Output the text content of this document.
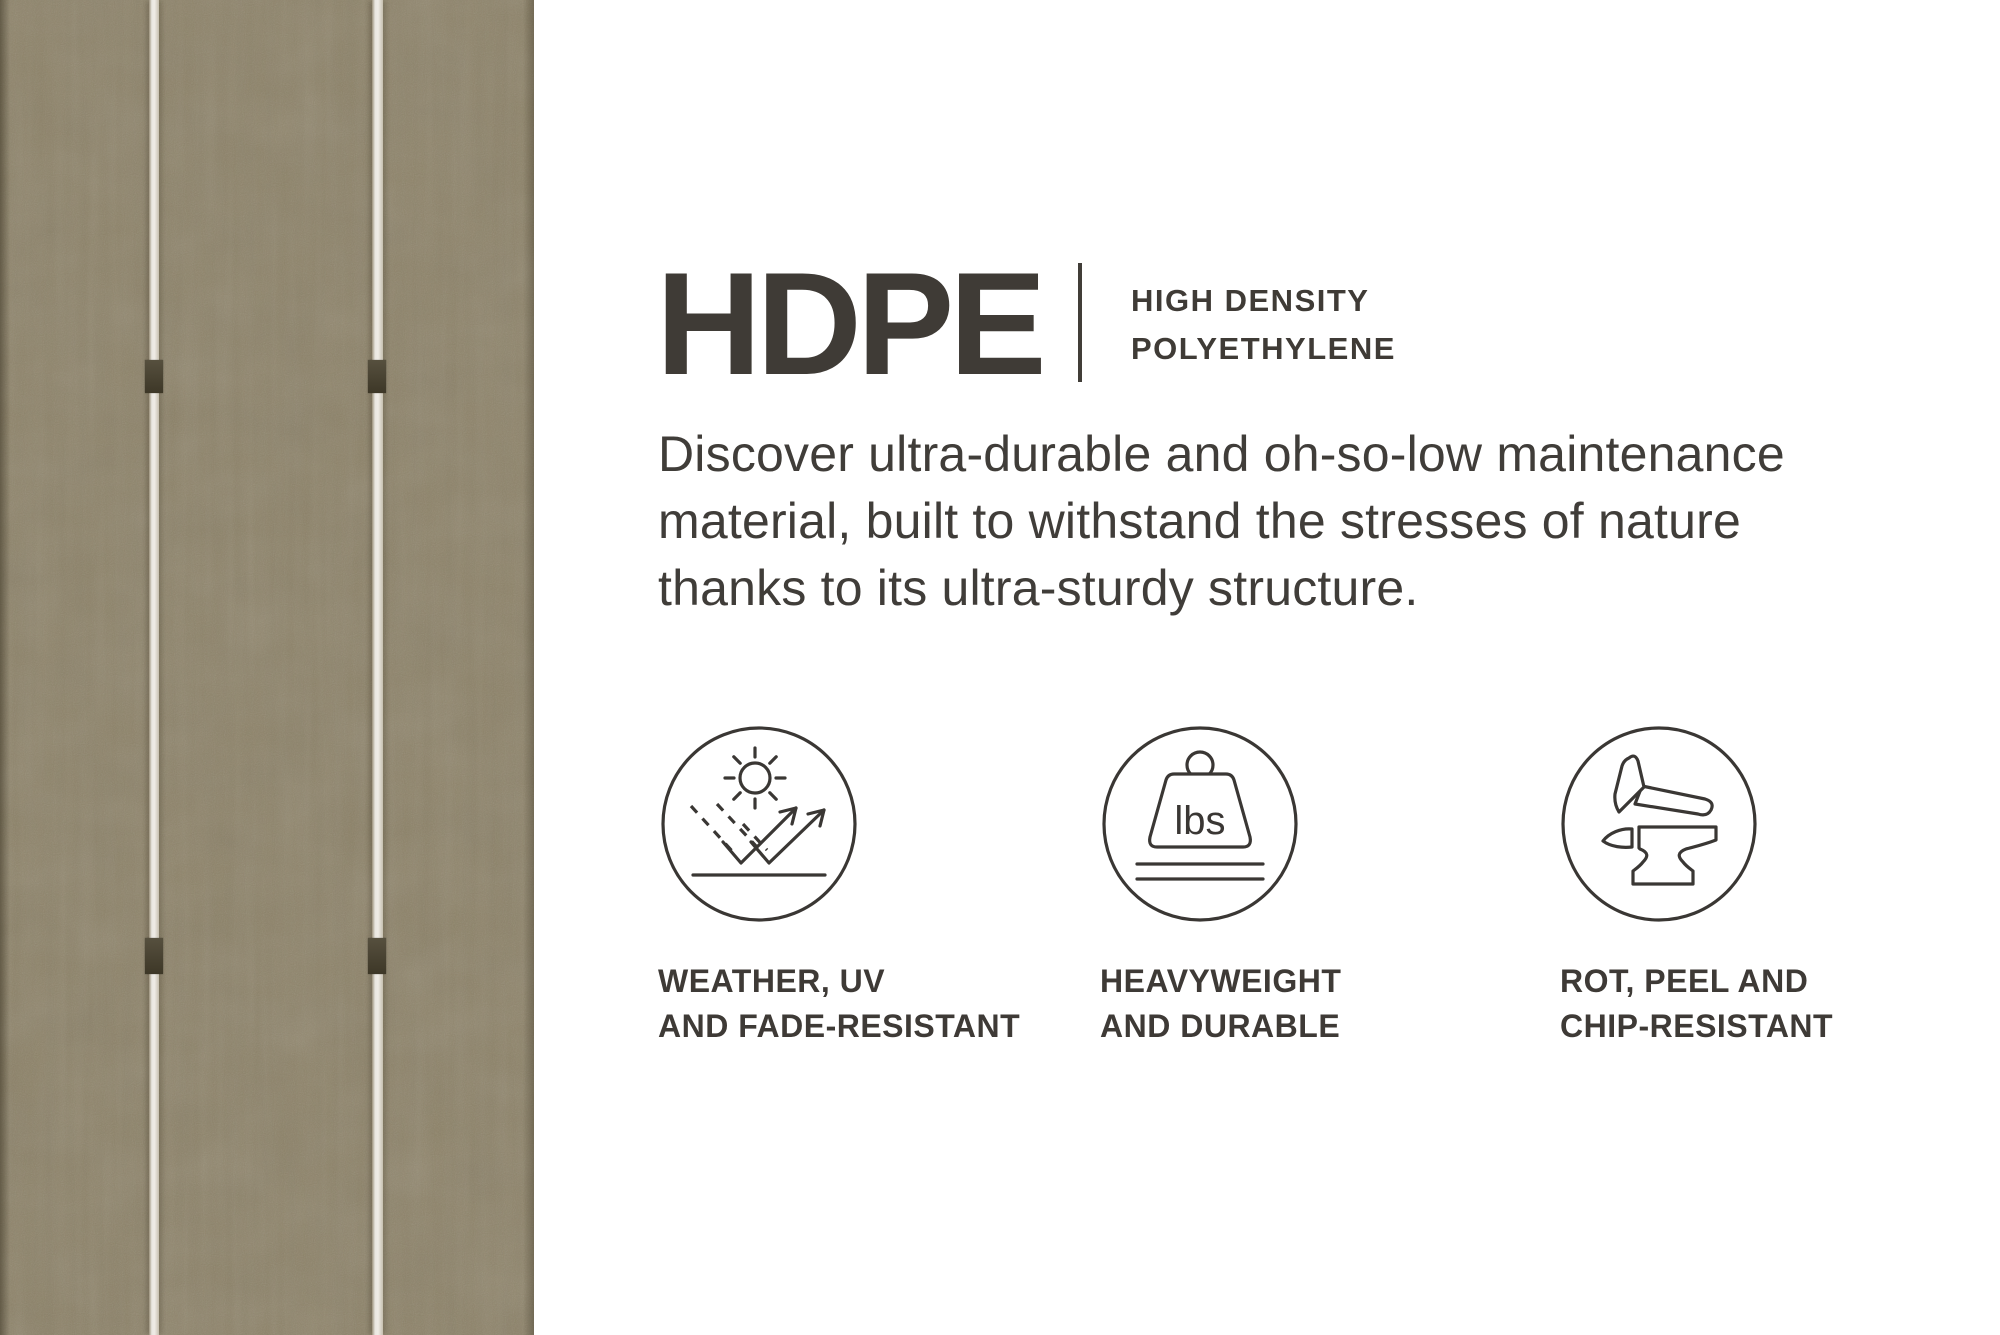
HDPE	HIGH DENSITY
POLYETHYLENE

Discover ultra-durable and oh-so-low maintenance
material, built to withstand the stresses of nature
thanks to its ultra-sturdy structure.

lbs
WEATHER, UV
AND FADE-RESISTANT
HEAVYWEIGHT
AND DURABLE
ROT, PEEL AND
CHIP-RESISTANT
